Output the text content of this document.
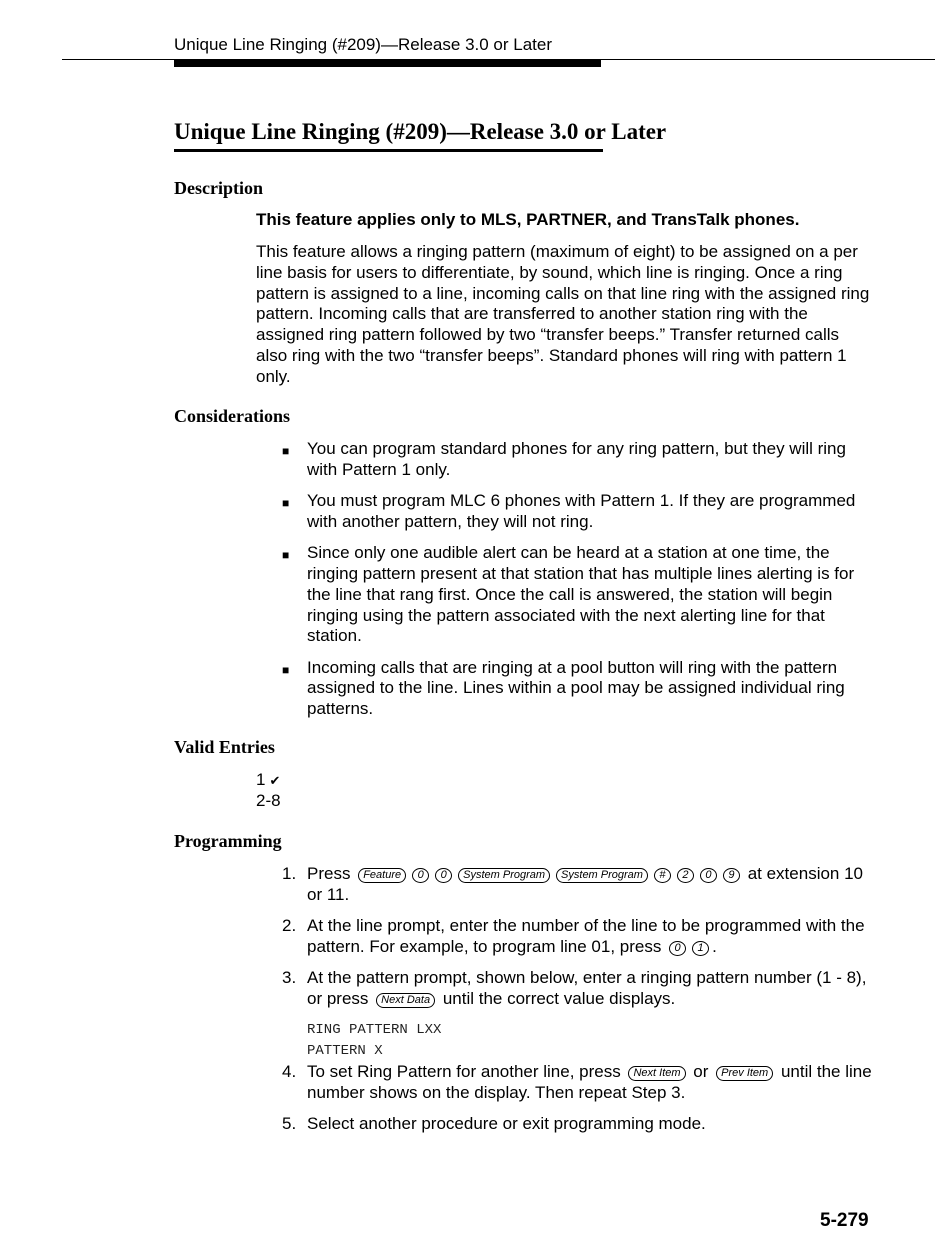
Unique Line Ringing (#209)—Release 3.0 or Later
Unique Line Ringing (#209)—Release 3.0 or Later
Description

This feature applies only to MLS, PARTNER, and TransTalk phones.

This feature allows a ringing pattern (maximum of eight) to be assigned on a per
line basis for users to differentiate, by sound, which line is ringing. Once a ring
pattern is assigned to a line, incoming calls on that line ring with the assigned ring
pattern. Incoming calls that are transferred to another station ring with the
assigned ring pattern followed by two “transfer beeps.” Transfer returned calls
also ring with the two “transfer beeps”. Standard phones will ring with pattern 1
only.
Considerations
■ You can program standard phones for any ring pattern, but they will ring with Pattern 1 only.
■ You must program MLC 6 phones with Pattern 1. If they are programmed with another pattern, they will not ring.
■ Since only one audible alert can be heard at a station at one time, the ringing pattern present at that station that has multiple lines alerting is for the line that rang first. Once the call is answered, the station will begin ringing using the pattern associated with the next alerting line for that station.
■ Incoming calls that are ringing at a pool button will ring with the pattern assigned to the line. Lines within a pool may be assigned individual ring patterns.
Valid Entries
1 ✔
2-8
Programming
1. Press Feature 0 0 System Program System Program # 2 0 9 at extension 10 or 11.
2. At the line prompt, enter the number of the line to be programmed with the pattern. For example, to program line 01, press 0 1 .
3. At the pattern prompt, shown below, enter a ringing pattern number (1 - 8), or press Next Data until the correct value displays.
RING PATTERN LXX
PATTERN X
4. To set Ring Pattern for another line, press Next Item or Prev Item until the line number shows on the display. Then repeat Step 3.
5. Select another procedure or exit programming mode.
5-279
